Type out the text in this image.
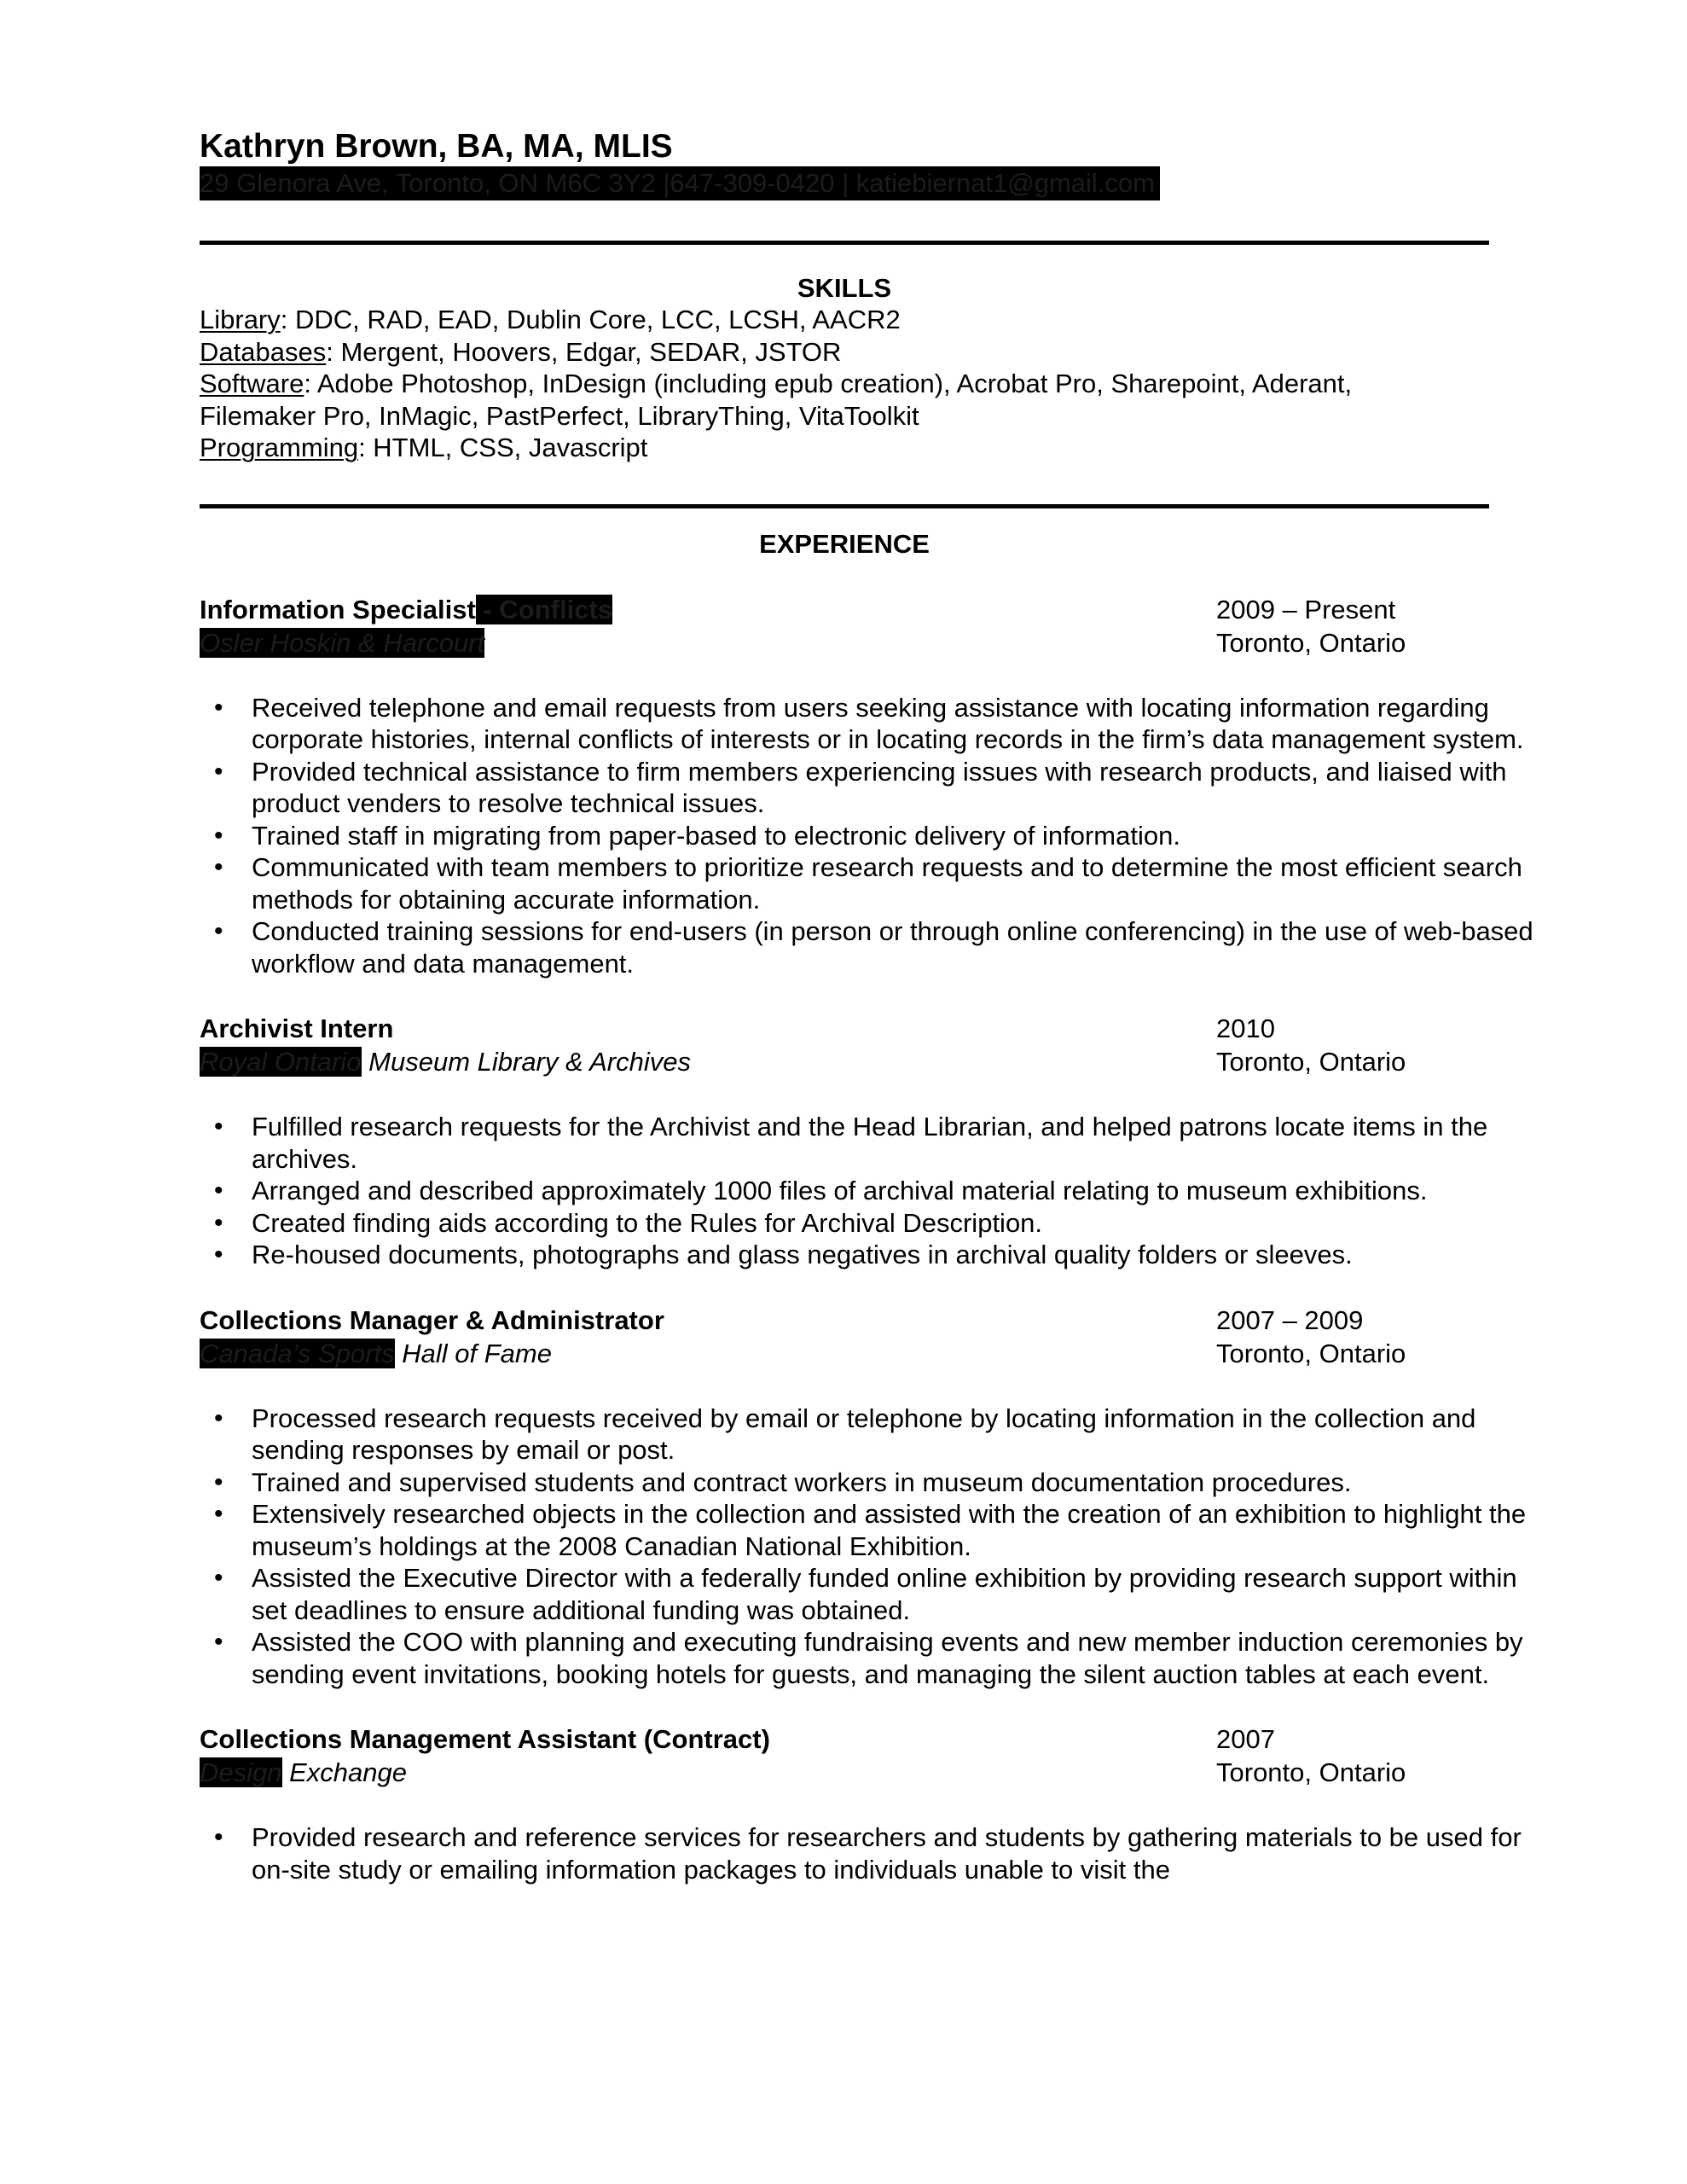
Kathryn Brown, BA, MA, MLIS
29 Glenora Ave, Toronto, ON M6C 3Y2 |647-309-0420 | katiebiernat1@gmail.com
SKILLS

Library: DDC, RAD, EAD, Dublin Core, LCC, LCSH, AACR2

Databases: Mergent, Hoovers, Edgar, SEDAR, JSTOR

Software: Adobe Photoshop, InDesign (including epub creation), Acrobat Pro, Sharepoint, Aderant,

Filemaker Pro, InMagic, PastPerfect, LibraryThing, VitaToolkit

Programming: HTML, CSS, Javascript

EXPERIENCE
Information Specialist - Conflicts	2009 – Present
Osler Hoskin & Harcourt	Toronto, Ontario
• Received telephone and email requests from users seeking assistance with locating information regarding corporate histories, internal conflicts of interests or in locating records in the firm’s data management system.
• Provided technical assistance to firm members experiencing issues with research products, and liaised with product venders to resolve technical issues.
• Trained staff in migrating from paper-based to electronic delivery of information.
• Communicated with team members to prioritize research requests and to determine the most efficient search methods for obtaining accurate information.
• Conducted training sessions for end-users (in person or through online conferencing) in the use of web-based workflow and data management.
Archivist Intern	2010
Royal Ontario Museum Library & Archives	Toronto, Ontario
• Fulfilled research requests for the Archivist and the Head Librarian, and helped patrons locate items in the archives.
• Arranged and described approximately 1000 files of archival material relating to museum exhibitions.
• Created finding aids according to the Rules for Archival Description.
• Re-housed documents, photographs and glass negatives in archival quality folders or sleeves.
Collections Manager & Administrator	2007 – 2009
Canada’s Sports Hall of Fame	Toronto, Ontario
• Processed research requests received by email or telephone by locating information in the collection and sending responses by email or post.
• Trained and supervised students and contract workers in museum documentation procedures.
• Extensively researched objects in the collection and assisted with the creation of an exhibition to highlight the museum’s holdings at the 2008 Canadian National Exhibition.
• Assisted the Executive Director with a federally funded online exhibition by providing research support within set deadlines to ensure additional funding was obtained.
• Assisted the COO with planning and executing fundraising events and new member induction ceremonies by sending event invitations, booking hotels for guests, and managing the silent auction tables at each event.
Collections Management Assistant (Contract)	2007
Design Exchange	Toronto, Ontario
• Provided research and reference services for researchers and students by gathering materials to be used for on-site study or emailing information packages to individuals unable to visit the
